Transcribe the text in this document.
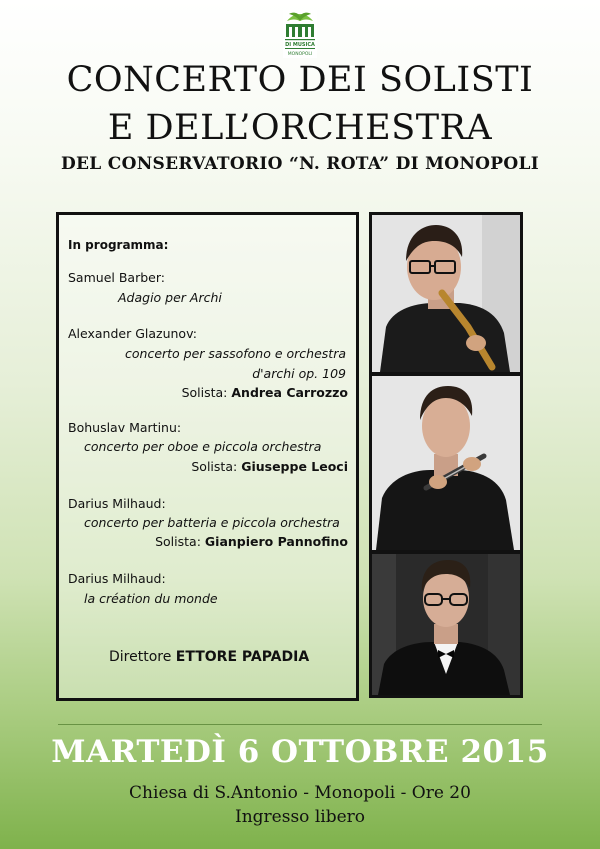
DI MUSICA
MONOPOLI
CONCERTO DEI SOLISTI
E DELL’ORCHESTRA
DEL CONSERVATORIO “N. ROTA” DI MONOPOLI
In programma:
Samuel Barber:
Adagio per Archi
Alexander Glazunov:
concerto per sassofono e orchestra
d'archi op. 109
Solista: Andrea Carrozzo
Bohuslav Martinu:
concerto per oboe e piccola orchestra
Solista: Giuseppe Leoci
Darius Milhaud:
concerto per batteria e piccola orchestra
Solista: Gianpiero Pannofino
Darius Milhaud:
la création du monde
Direttore ETTORE PAPADIA
MARTEDÌ 6 OTTOBRE 2015
Chiesa di S.Antonio - Monopoli - Ore 20
Ingresso libero
